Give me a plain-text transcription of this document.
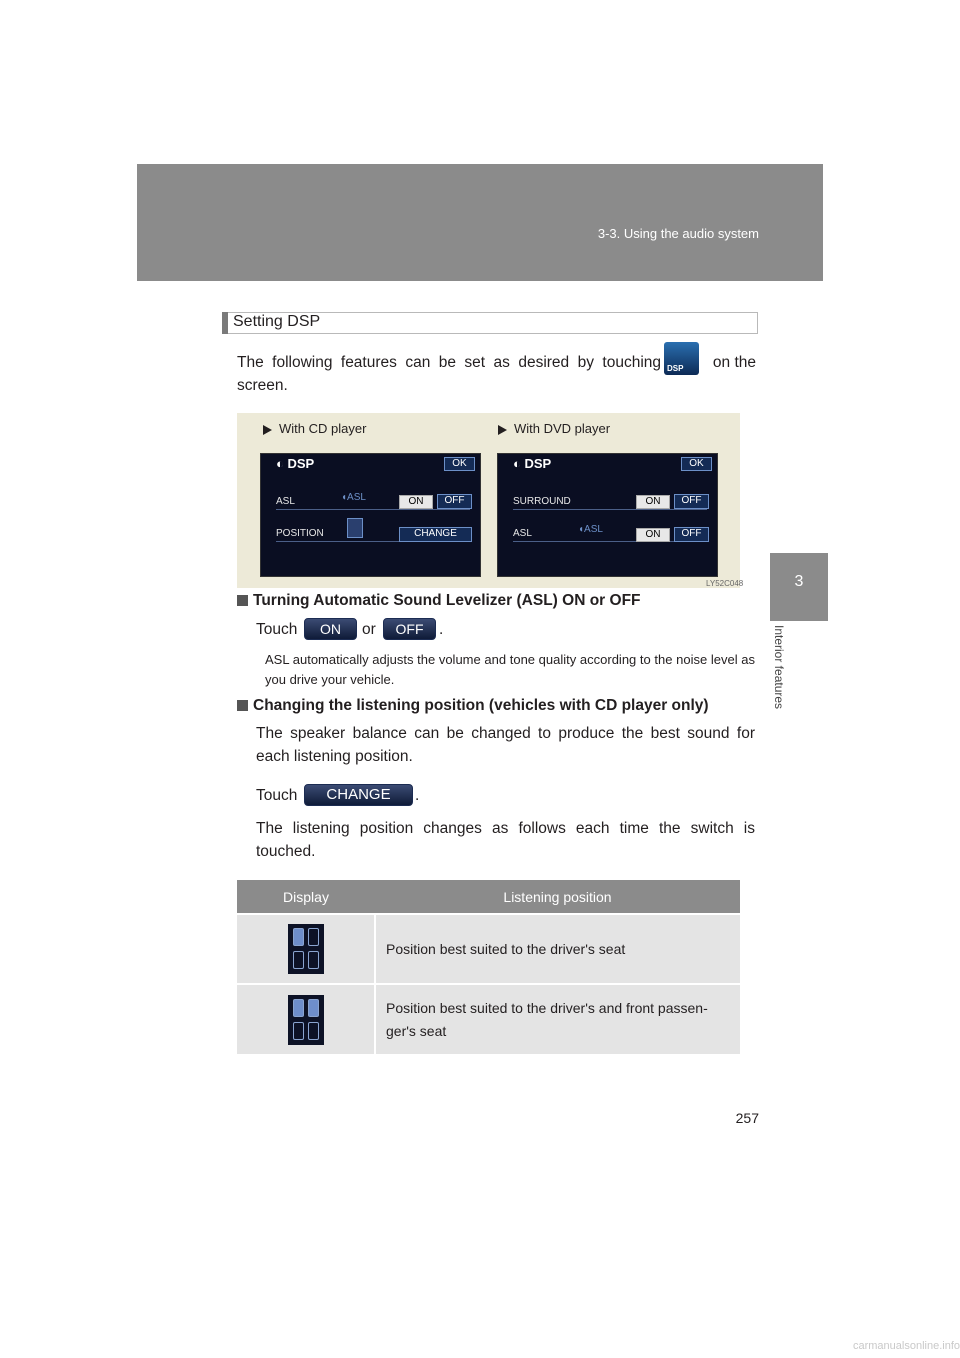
3-3. Using the audio system
3
Interior features
Setting DSP
The following features can be set as desired by touching DSP	on the
screen.
With CD player	With DVD player
◐ DSP	OK
ASL	◖ASL	ON	OFF
POSITION	CHANGE
◐ DSP	OK
SURROUND	ON	OFF
ASL	◖ASL	ON	OFF
LY52C048
Turning Automatic Sound Levelizer (ASL) ON or OFF
Touch	ON	or	OFF	.
ASL automatically adjusts the volume and tone quality according to the noise level as you drive your vehicle.
Changing the listening position (vehicles with CD player only)
The speaker balance can be changed to produce the best sound for each listening position.
Touch	CHANGE	.
The listening position changes as follows each time the switch is touched.
Display	Listening position

	Position best suited to the driver's seat

	Position best suited to the driver's and front passen-ger's seat
257
carmanualsonline.info
